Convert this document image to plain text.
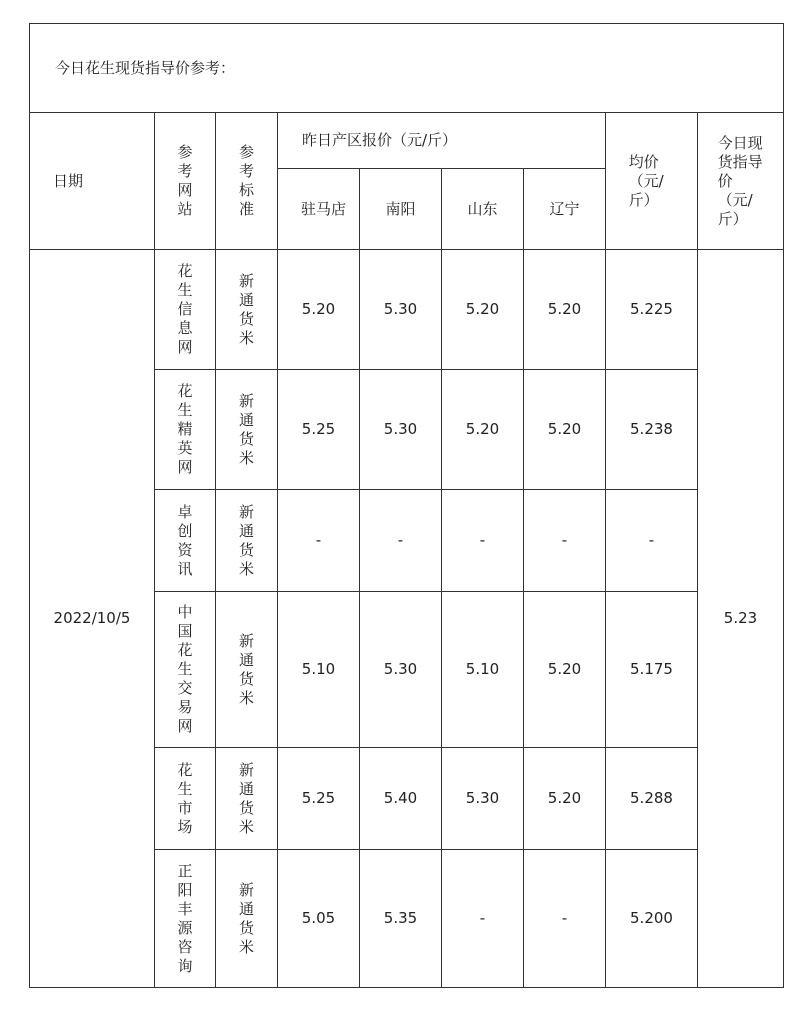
今日花生现货指导价参考：								
日期	参考网站	参考标准	昨日产区报价（元/斤）				均价（元/斤）	今日现货指导价（元/斤）
			驻马店	南阳	山东	辽宁		
2022/10/5	花生信息网	新通货米	5.20	5.30	5.20	5.20	5.225	5.23
	花生精英网	新通货米	5.25	5.30	5.20	5.20	5.238	
	卓创资讯	新通货米	-	-	-	-	-	
	中国花生交易网	新通货米	5.10	5.30	5.10	5.20	5.175	
	花生市场	新通货米	5.25	5.40	5.30	5.20	5.288	
	正阳丰源咨询	新通货米	5.05	5.35	-	-	5.200	
